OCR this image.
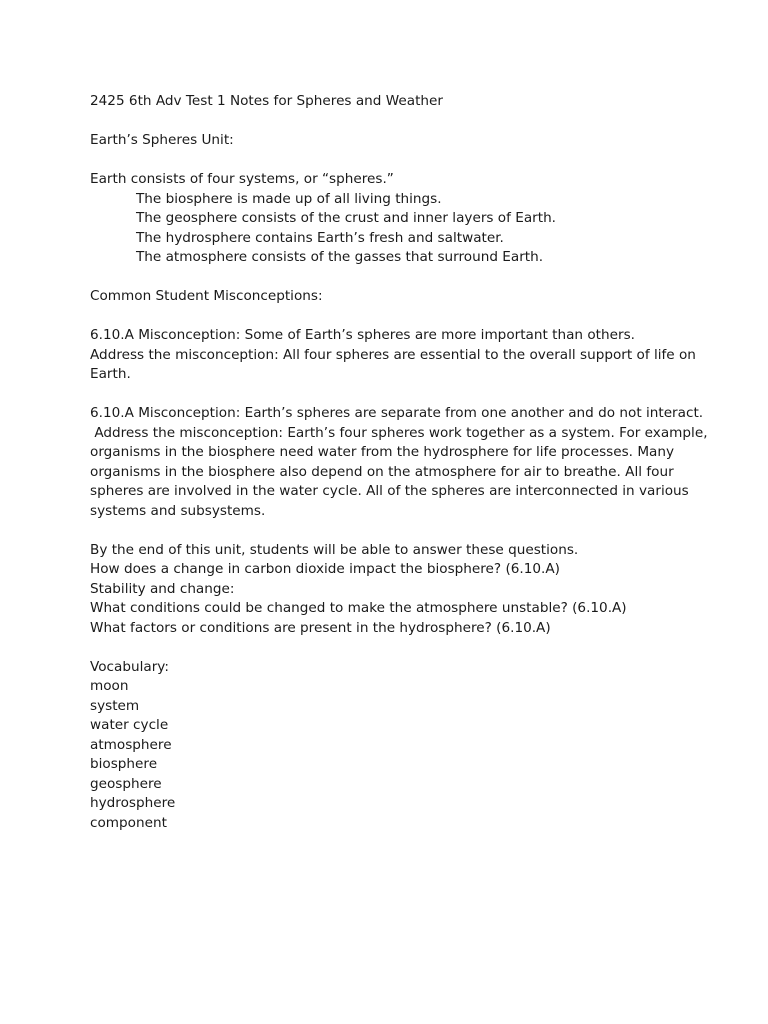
2425 6th Adv Test 1 Notes for Spheres and Weather
Earth’s Spheres Unit:
Earth consists of four systems, or “spheres.”
The biosphere is made up of all living things.
The geosphere consists of the crust and inner layers of Earth.
The hydrosphere contains Earth’s fresh and saltwater.
The atmosphere consists of the gasses that surround Earth.
Common Student Misconceptions:
6.10.A Misconception: Some of Earth’s spheres are more important than others.
Address the misconception: All four spheres are essential to the overall support of life on
Earth.
6.10.A Misconception: Earth’s spheres are separate from one another and do not interact.
Address the misconception: Earth’s four spheres work together as a system. For example,
organisms in the biosphere need water from the hydrosphere for life processes. Many
organisms in the biosphere also depend on the atmosphere for air to breathe. All four
spheres are involved in the water cycle. All of the spheres are interconnected in various
systems and subsystems.
By the end of this unit, students will be able to answer these questions.
How does a change in carbon dioxide impact the biosphere? (6.10.A)
Stability and change:
What conditions could be changed to make the atmosphere unstable? (6.10.A)
What factors or conditions are present in the hydrosphere? (6.10.A)
Vocabulary:
moon
system
water cycle
atmosphere
biosphere
geosphere
hydrosphere
component
